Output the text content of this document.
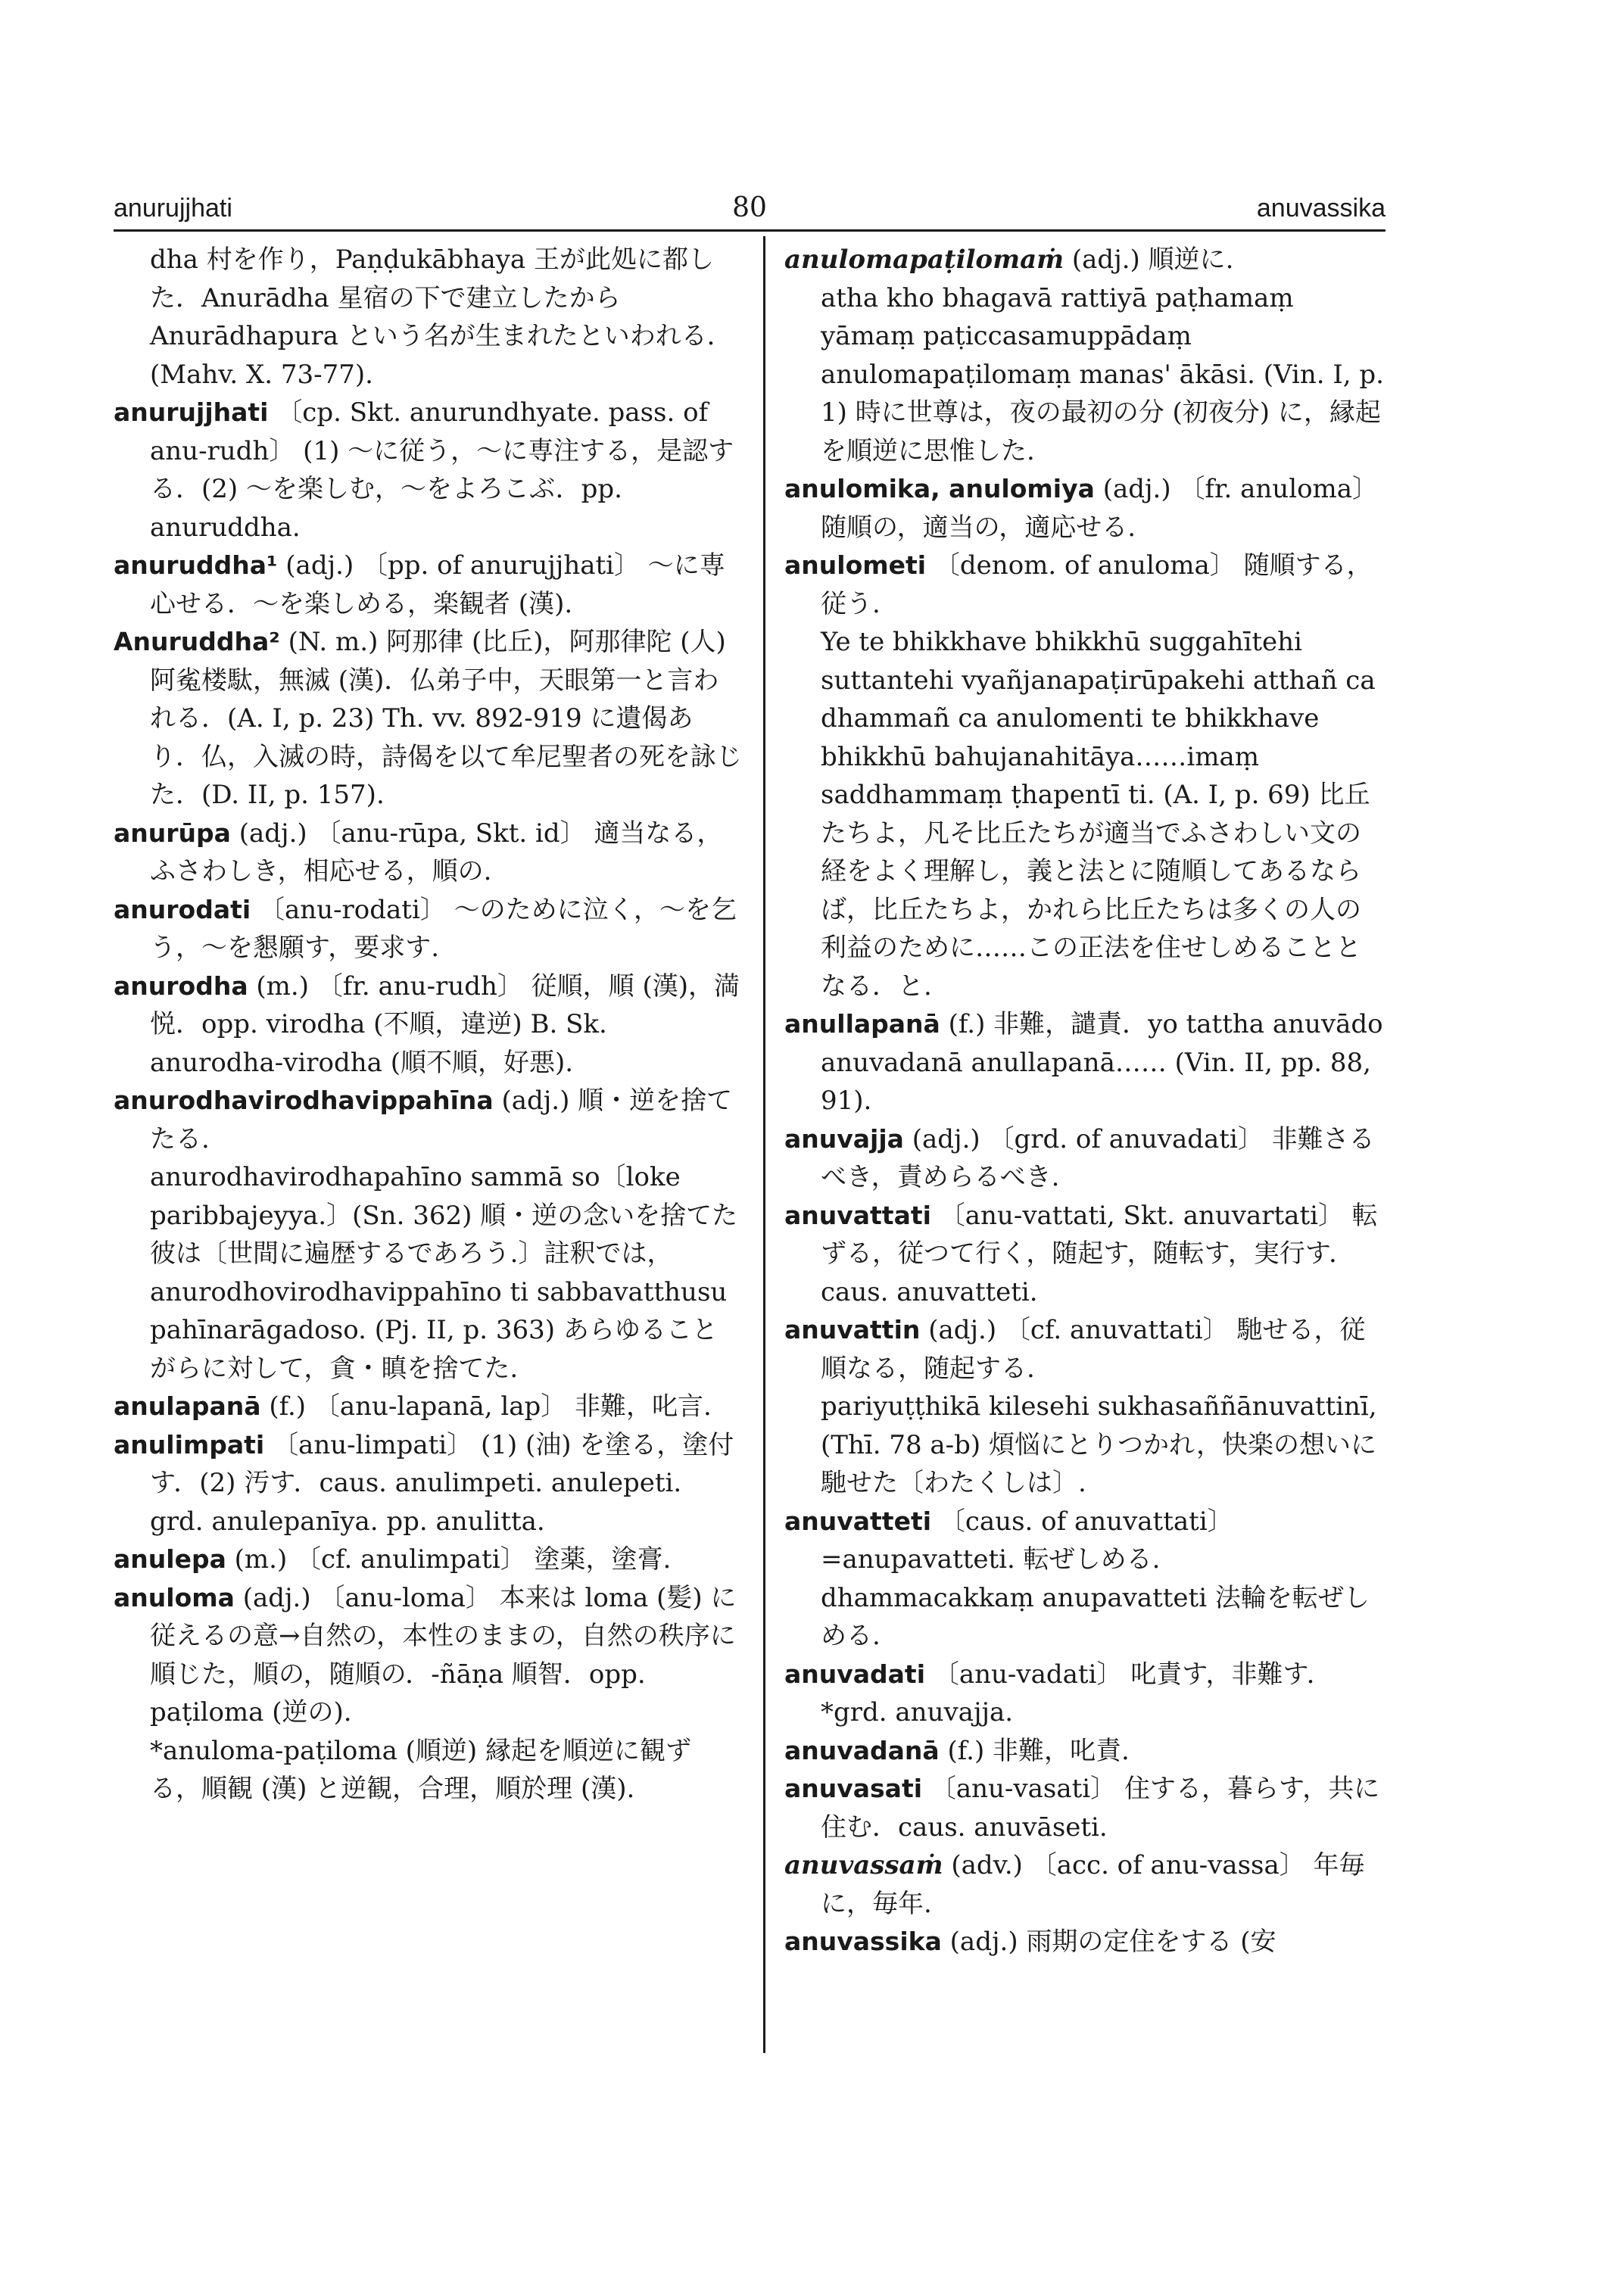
anurujjhati	80	anuvassika

dha 村を作り，Paṇḍukābhaya 王が此処に都した．Anurādha 星宿の下で建立したから Anurādhapura という名が生まれたといわれる．(Mahv. X. 73-77).

anurujjhati 〔cp. Skt. anurundhyate. pass. of anu-rudh〕 (1) ～に従う，～に専注する，是認する．(2) ～を楽しむ，～をよろこぶ．pp. anuruddha.

anuruddha¹ (adj.) 〔pp. of anurujjhati〕 ～に専心せる．～を楽しめる，楽観者 (漢).

Anuruddha² (N. m.) 阿那律 (比丘)，阿那律陀 (人) 阿㝹楼駄，無滅 (漢)．仏弟子中，天眼第一と言われる．(A. I, p. 23) Th. vv. 892-919 に遺偈あり．仏，入滅の時，詩偈を以て牟尼聖者の死を詠じた．(D. II, p. 157).

anurūpa (adj.) 〔anu-rūpa, Skt. id〕 適当なる，ふさわしき，相応せる，順の.

anurodati 〔anu-rodati〕 ～のために泣く，～を乞う，～を懇願す，要求す.

anurodha (m.) 〔fr. anu-rudh〕 従順，順 (漢)，満悦．opp. virodha (不順，違逆) B. Sk. anurodha-virodha (順不順，好悪).

anurodhavirodhavippahīna (adj.) 順・逆を捨てたる.

anurodhavirodhapahīno sammā so〔loke paribbajeyya.〕(Sn. 362) 順・逆の念いを捨てた彼は〔世間に遍歴するであろう.〕註釈では，anurodhovirodhavippahīno ti sabbavatthusu pahīnarāgadoso. (Pj. II, p. 363) あらゆることがらに対して，貪・瞋を捨てた.

anulapanā (f.) 〔anu-lapanā, lap〕 非難，叱言.

anulimpati 〔anu-limpati〕 (1) (油) を塗る，塗付す．(2) 汚す．caus. anulimpeti. anulepeti. grd. anulepanīya. pp. anulitta.

anulepa (m.) 〔cf. anulimpati〕 塗薬，塗膏.

anuloma (adj.) 〔anu-loma〕 本来は loma (髪) に従えるの意→自然の，本性のままの，自然の秩序に順じた，順の，随順の．-ñāṇa 順智．opp. paṭiloma (逆の).

*anuloma-paṭiloma (順逆) 縁起を順逆に観ずる，順観 (漢) と逆観，合理，順於理 (漢).

anulomapaṭilomaṁ (adj.) 順逆に.

atha kho bhagavā rattiyā paṭhamaṃ yāmaṃ paṭiccasamuppādaṃ anulomapaṭilomaṃ manas' ākāsi. (Vin. I, p. 1) 時に世尊は，夜の最初の分 (初夜分) に，縁起を順逆に思惟した.

anulomika, anulomiya (adj.) 〔fr. anuloma〕 随順の，適当の，適応せる.

anulometi 〔denom. of anuloma〕 随順する，従う.

Ye te bhikkhave bhikkhū suggahītehi suttantehi vyañjanapaṭirūpakehi atthañ ca dhammañ ca anulomenti te bhikkhave bhikkhū bahujanahitāya……imaṃ saddhammaṃ ṭhapentī ti. (A. I, p. 69) 比丘たちよ，凡そ比丘たちが適当でふさわしい文の経をよく理解し，義と法とに随順してあるならば，比丘たちよ，かれら比丘たちは多くの人の利益のために……この正法を住せしめることとなる．と.

anullapanā (f.) 非難，譴責．yo tattha anuvādo anuvadanā anullapanā…… (Vin. II, pp. 88, 91).

anuvajja (adj.) 〔grd. of anuvadati〕 非難さるべき，責めらるべき.

anuvattati 〔anu-vattati, Skt. anuvartati〕 転ずる，従つて行く，随起す，随転す，実行す．caus. anuvatteti.

anuvattin (adj.) 〔cf. anuvattati〕 馳せる，従順なる，随起する.

pariyuṭṭhikā kilesehi sukhasaññānuvattinī, (Thī. 78 a-b) 煩悩にとりつかれ，快楽の想いに馳せた〔わたくしは〕.

anuvatteti 〔caus. of anuvattati〕 =anupavatteti. 転ぜしめる.

dhammacakkaṃ anupavatteti 法輪を転ぜしめる.

anuvadati 〔anu-vadati〕 叱責す，非難す．*grd. anuvajja.

anuvadanā (f.) 非難，叱責.

anuvasati 〔anu-vasati〕 住する，暮らす，共に住む．caus. anuvāseti.

anuvassaṁ (adv.) 〔acc. of anu-vassa〕 年毎に，毎年.

anuvassika (adj.) 雨期の定住をする (安
